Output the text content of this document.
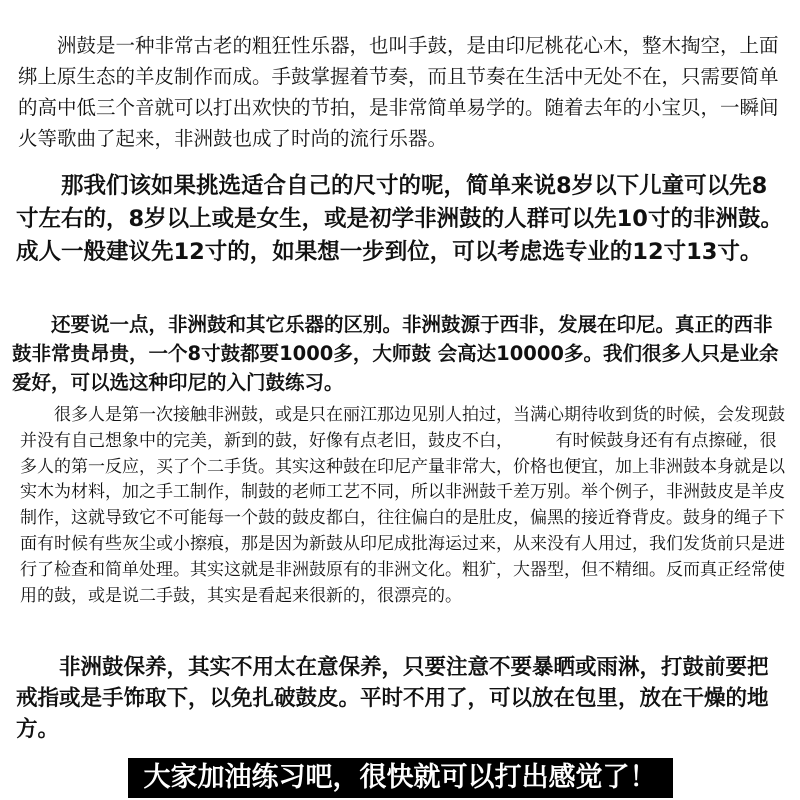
　　洲鼓是一种非常古老的粗狂性乐器，也叫手鼓，是由印尼桃花心木，整木掏空，上面绑上原生态的羊皮制作而成。手鼓掌握着节奏，而且节奏在生活中无处不在，只需要简单的高中低三个音就可以打出欢快的节拍，是非常简单易学的。随着去年的小宝贝，一瞬间火等歌曲了起来，非洲鼓也成了时尚的流行乐器。

　　那我们该如果挑选适合自己的尺寸的呢，简单来说8岁以下儿童可以先8寸左右的，8岁以上或是女生，或是初学非洲鼓的人群可以先10寸的非洲鼓。成人一般建议先12寸的，如果想一步到位，可以考虑选专业的12寸13寸。

　　还要说一点，非洲鼓和其它乐器的区别。非洲鼓源于西非，发展在印尼。真正的西非鼓非常贵昂贵，一个8寸鼓都要1000多，大师鼓 会高达10000多。我们很多人只是业余爱好，可以选这种印尼的入门鼓练习。

　　很多人是第一次接触非洲鼓，或是只在丽江那边见别人拍过，当满心期待收到货的时候，会发现鼓并没有自己想象中的完美，新到的鼓，好像有点老旧，鼓皮不白，　　　有时候鼓身还有有点擦碰，很多人的第一反应，买了个二手货。其实这种鼓在印尼产量非常大，价格也便宜，加上非洲鼓本身就是以实木为材料，加之手工制作，制鼓的老师工艺不同，所以非洲鼓千差万别。举个例子，非洲鼓皮是羊皮制作，这就导致它不可能每一个鼓的鼓皮都白，往往偏白的是肚皮，偏黑的接近脊背皮。鼓身的绳子下面有时候有些灰尘或小擦痕，那是因为新鼓从印尼成批海运过来，从来没有人用过，我们发货前只是进行了检查和简单处理。其实这就是非洲鼓原有的非洲文化。粗犷，大器型，但不精细。反而真正经常使用的鼓，或是说二手鼓，其实是看起来很新的，很漂亮的。

　　非洲鼓保养，其实不用太在意保养，只要注意不要暴晒或雨淋，打鼓前要把戒指或是手饰取下，以免扎破鼓皮。平时不用了，可以放在包里，放在干燥的地方。

大家加油练习吧，很快就可以打出感觉了！
